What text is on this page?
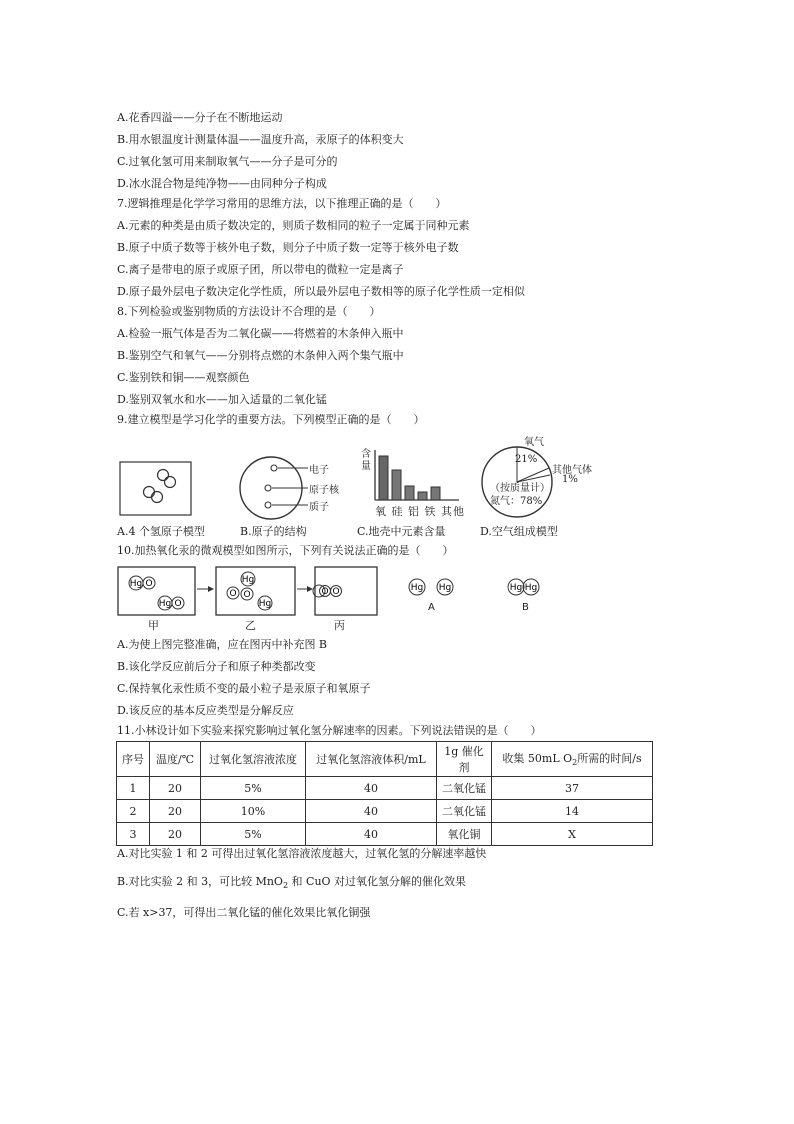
A.花香四溢——分子在不断地运动
B.用水银温度计测量体温——温度升高，汞原子的体积变大
C.过氧化氢可用来制取氧气——分子是可分的
D.冰水混合物是纯净物——由同种分子构成
7.逻辑推理是化学学习常用的思维方法，以下推理正确的是（　　）
A.元素的种类是由质子数决定的，则质子数相同的粒子一定属于同种元素
B.原子中质子数等于核外电子数，则分子中质子数一定等于核外电子数
C.离子是带电的原子或原子团，所以带电的微粒一定是离子
D.原子最外层电子数决定化学性质，所以最外层电子数相等的原子化学性质一定相似
8.下列检验或鉴别物质的方法设计不合理的是（　　）
A.检验一瓶气体是否为二氧化碳——将燃着的木条伸入瓶中
B.鉴别空气和氧气——分别将点燃的木条伸入两个集气瓶中
C.鉴别铁和铜——观察颜色
D.鉴别双氧水和水——加入适量的二氧化锰
9.建立模型是学习化学的重要方法。下列模型正确的是（　　）
A.4 个氢原子模型
电子
原子核
质子
B.原子的结构
含量
氧 硅 铝 铁 其他
C.地壳中元素含量
氧气
21%
其他气体
1%
（按质量计）
氮气：78%
D.空气组成模型
10.加热氧化汞的微观模型如图所示，下列有关说法正确的是（　　）
Hg O
Hg O
Hg
O O
Hg
O O	Hg Hg	Hg Hg
甲	乙	丙
A	B
A.为使上图完整准确，应在图丙中补充图 B
B.该化学反应前后分子和原子种类都改变
C.保持氧化汞性质不变的最小粒子是汞原子和氧原子
D.该反应的基本反应类型是分解反应
11.小林设计如下实验来探究影响过氧化氢分解速率的因素。下列说法错误的是（　　）
序号	温度/℃	过氧化氢溶液浓度	过氧化氢溶液体积/mL	1g 催化剂	收集 50mL $O_2$所需的时间/s
1	20	5%	40	二氧化锰	37
2	20	10%	40	二氧化锰	14
3	20	5%	40	氧化铜	X
A.对比实验 1 和 2 可得出过氧化氢溶液浓度越大，过氧化氢的分解速率越快
B.对比实验 2 和 3，可比较 MnO$_2$ 和 CuO 对过氧化氢分解的催化效果
C.若 x>37，可得出二氧化锰的催化效果比氧化铜强
